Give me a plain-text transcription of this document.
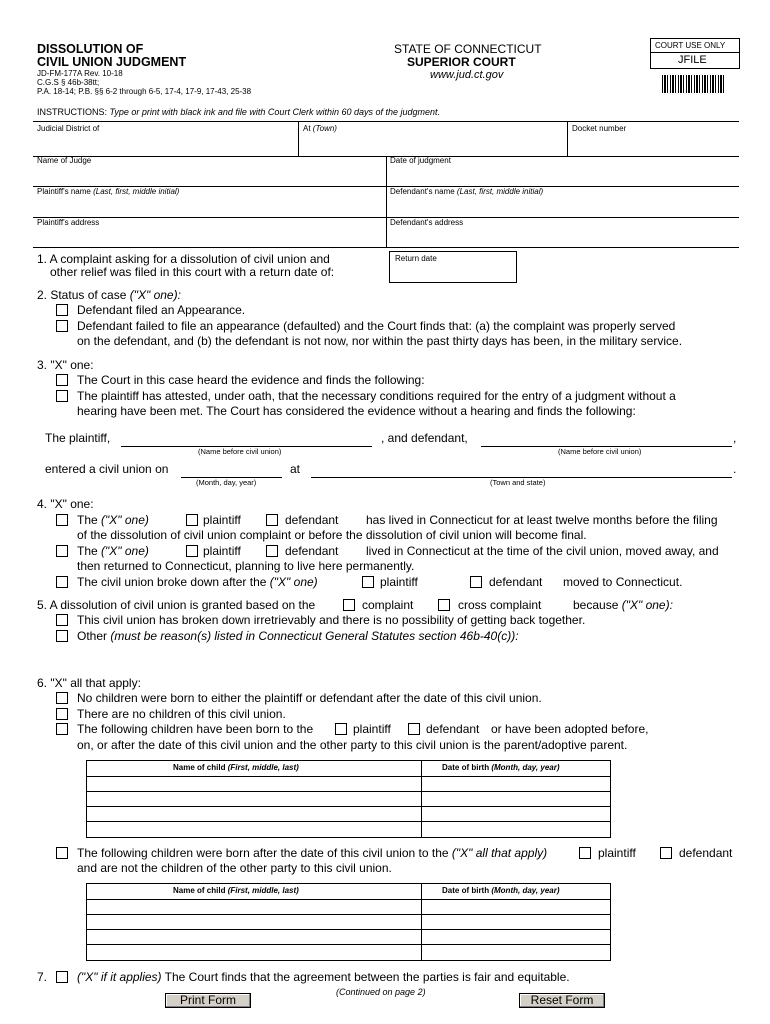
DISSOLUTION OF
CIVIL UNION JUDGMENT
JD-FM-177A Rev. 10-18
C.G.S § 46b-38tt;
P.A. 18-14; P.B. §§ 6-2 through 6-5, 17-4, 17-9, 17-43, 25-38
STATE OF CONNECTICUT
SUPERIOR COURT
www.jud.ct.gov
COURT USE ONLY
JFILE
INSTRUCTIONS: Type or print with black ink and file with Court Clerk within 60 days of the judgment.
Judicial District of	At (Town)	Docket number
Name of Judge	Date of judgment
Plaintiff's name (Last, first, middle initial)	Defendant's name (Last, first, middle initial)
Plaintiff's address	Defendant's address
1. A complaint asking for a dissolution of civil union and
other relief was filed in this court with a return date of:
Return date
2. Status of case ("X" one):
Defendant filed an Appearance.
Defendant failed to file an appearance (defaulted) and the Court finds that: (a) the complaint was properly served
on the defendant, and (b) the defendant is not now, nor within the past thirty days has been, in the military service.
3. "X" one:
The Court in this case heard the evidence and finds the following:
The plaintiff has attested, under oath, that the necessary conditions required for the entry of a judgment without a
hearing have been met. The Court has considered the evidence without a hearing and finds the following:
The plaintiff,	, and defendant,	,
(Name before civil union)	(Name before civil union)
entered a civil union on	at	.
(Month, day, year)	(Town and state)
4. "X" one:
The ("X" one)	plaintiff	defendant has lived in Connecticut for at least twelve months before the filing
of the dissolution of civil union complaint or before the dissolution of civil union will become final.
The ("X" one)	plaintiff	defendant lived in Connecticut at the time of the civil union, moved away, and
then returned to Connecticut, planning to live here permanently.
The civil union broke down after the ("X" one)	plaintiff	defendant moved to Connecticut.
5. A dissolution of civil union is granted based on the	complaint	cross complaint	because ("X" one):
This civil union has broken down irretrievably and there is no possibility of getting back together.
Other (must be reason(s) listed in Connecticut General Statutes section 46b-40(c)):
6. "X" all that apply:
No children were born to either the plaintiff or defendant after the date of this civil union.
There are no children of this civil union.
The following children have been born to the	plaintiff	defendant or have been adopted before,
on, or after the date of this civil union and the other party to this civil union is the parent/adoptive parent.
Name of child (First, middle, last)	Date of birth (Month, day, year)
The following children were born after the date of this civil union to the ("X" all that apply)	plaintiff	defendant
and are not the children of the other party to this civil union.
Name of child (First, middle, last)	Date of birth (Month, day, year)
7. ("X" if it applies) The Court finds that the agreement between the parties is fair and equitable.
Print Form
(Continued on page 2)
Reset Form
